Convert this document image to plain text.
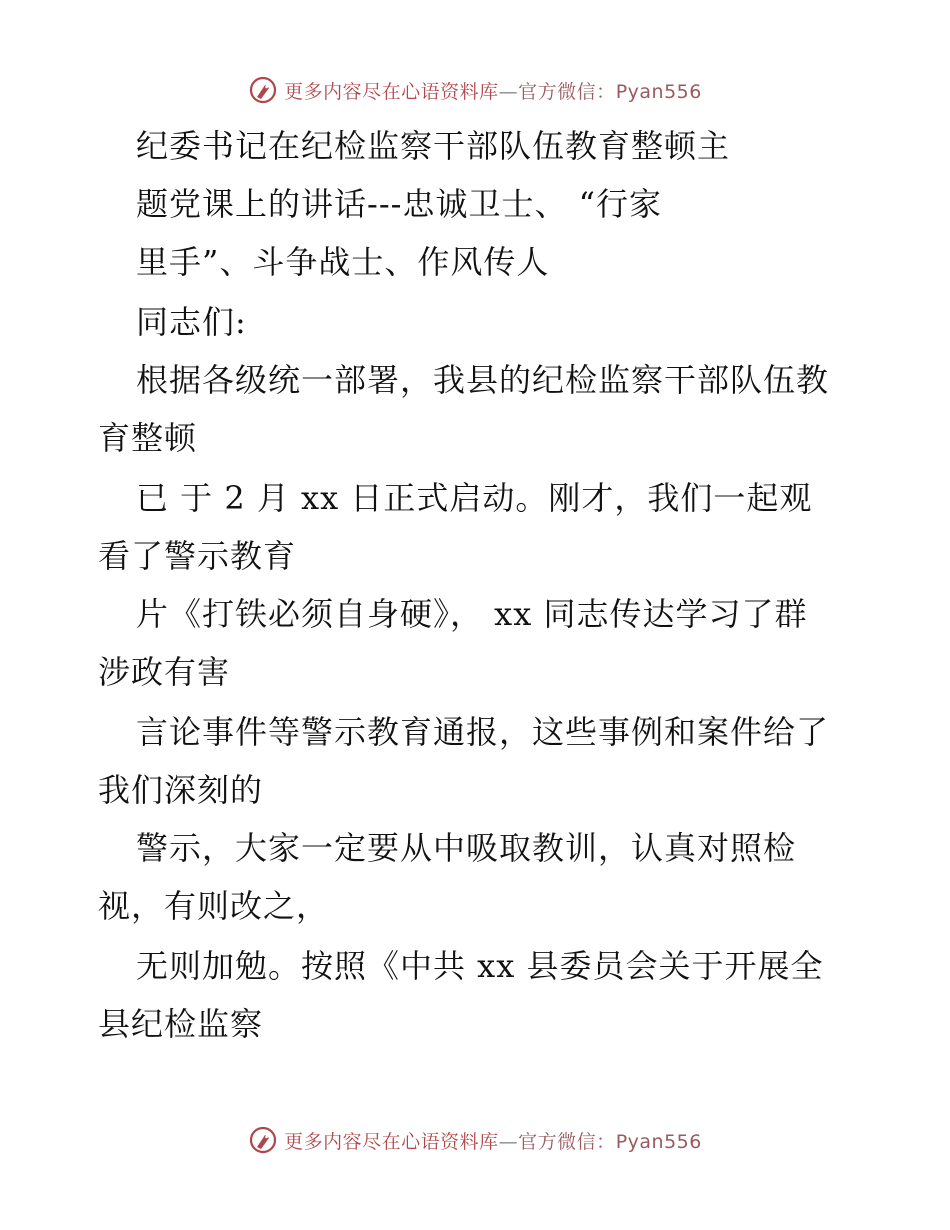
更多内容尽在心语资料库 — 官方微信： Pyan556
纪委书记在纪检监察干部队伍教育整顿主
题党课上的讲话---忠诚卫士、 “行家
里手”、斗争战士、作风传人
同志们:
根据各级统一部署，我县的纪检监察干部队伍教
育整顿
已 于 2 月 xx 日正式启动。刚才，我们一起观
看了警示教育
片《打铁必须自身硬》， xx 同志传达学习了群
涉政有害
言论事件等警示教育通报，这些事例和案件给了
我们深刻的
警示，大家一定要从中吸取教训，认真对照检
视，有则改之，
无则加勉。按照《中共 xx 县委员会关于开展全
县纪检监察
更多内容尽在心语资料库 — 官方微信： Pyan556
